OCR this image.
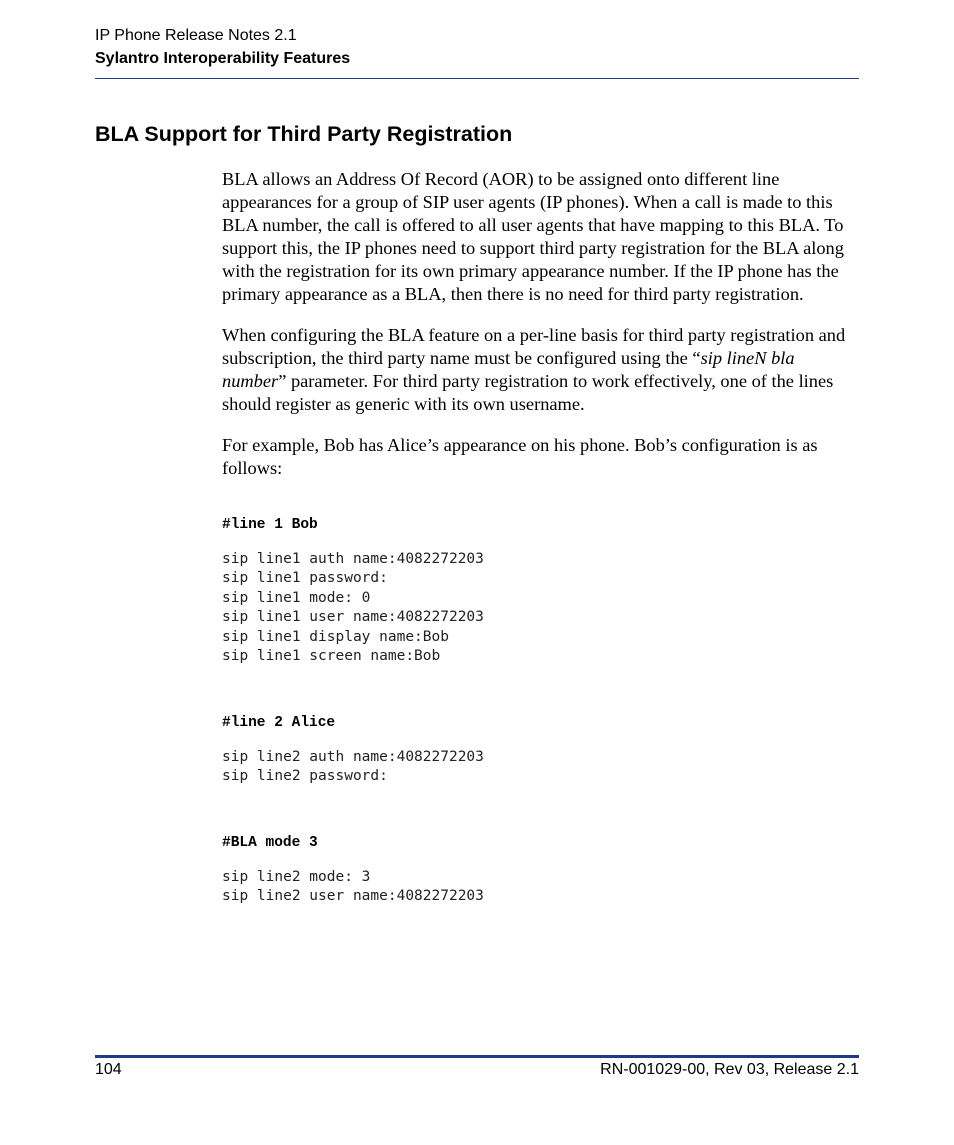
IP Phone Release Notes 2.1

Sylantro Interoperability Features

BLA Support for Third Party Registration

BLA allows an Address Of Record (AOR) to be assigned onto different line appearances for a group of SIP user agents (IP phones). When a call is made to this BLA number, the call is offered to all user agents that have mapping to this BLA. To support this, the IP phones need to support third party registration for the BLA along with the registration for its own primary appearance number. If the IP phone has the primary appearance as a BLA, then there is no need for third party registration.

When configuring the BLA feature on a per-line basis for third party registration and subscription, the third party name must be configured using the “sip lineN bla number” parameter. For third party registration to work effectively, one of the lines should register as generic with its own username.

For example, Bob has Alice’s appearance on his phone. Bob’s configuration is as follows:

#line 1 Bob

sip line1 auth name:4082272203

sip line1 password:

sip line1 mode: 0

sip line1 user name:4082272203

sip line1 display name:Bob

sip line1 screen name:Bob

#line 2 Alice

sip line2 auth name:4082272203

sip line2 password:

#BLA mode 3

sip line2 mode: 3

sip line2 user name:4082272203

104	RN-001029-00, Rev 03, Release 2.1
